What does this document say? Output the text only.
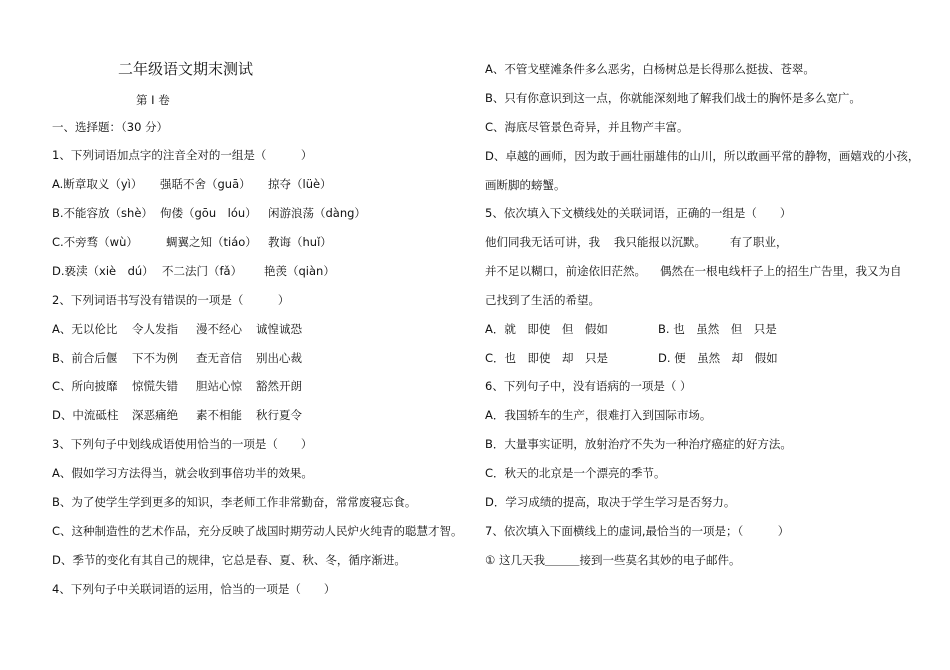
二年级语文期末测试
第 I 卷
一、选择题：（30 分）
1、下列词语加点字的注音全对的一组是（　　　）
A.断章取义（yì） 强聒不舍（guā） 掠夺（lüè）
B.不能容放（shè） 佝偻（gōu　lóu） 闲游浪荡（dàng）
C.不旁骛（wù） 蜩翼之知（tiáo） 教诲（huǐ）
D.亵渎（xiè　dú） 不二法门（fǎ） 艳羡（qiàn）
2、下列词语书写没有错误的一项是（　　　）
A、无以伦比 令人发指 漫不经心 诚惶诚恐
B、前合后偃 下不为例 查无音信 别出心裁
C、所向披靡 惊慌失错 胆站心惊 豁然开朗
D、中流砥柱 深恶痛绝 素不相能 秋行夏令
3、下列句子中划线成语使用恰当的一项是（　　）
A、假如学习方法得当，就会收到事倍功半的效果。
B、为了使学生学到更多的知识，李老师工作非常勤奋，常常废寝忘食。
C、这种制造性的艺术作品，充分反映了战国时期劳动人民炉火纯青的聪慧才智。
D、季节的变化有其自己的规律，它总是春、夏、秋、冬，循序渐进。
4、下列句子中关联词语的运用，恰当的一项是（　　）
A、不管戈壁滩条件多么恶劣，白杨树总是长得那么挺拔、苍翠。
B、只有你意识到这一点，你就能深刻地了解我们战士的胸怀是多么宽广。
C、海底尽管景色奇异，并且物产丰富。
D、卓越的画师，因为敢于画壮丽雄伟的山川，所以敢画平常的静物，画嬉戏的小孩，
画断脚的螃蟹。
5、依次填入下文横线处的关联词语，正确的一组是（　　）
他们同我无话可讲，我 我只能报以沉默。 有了职业，
并不足以糊口，前途依旧茫然。 偶然在一根电线杆子上的招生广告里，我又为自
己找到了生活的希望。
A．就　即使　但　假如	B. 也　虽然　但　只是
C．也　即使　却　只是	D. 便　虽然　却　假如
6、下列句子中，没有语病的一项是（ ）
A．我国轿车的生产，很难打入到国际市场。
B．大量事实证明，放射治疗不失为一种治疗癌症的好方法。
C．秋天的北京是一个漂亮的季节。
D．学习成绩的提高，取决于学生学习是否努力。
7、依次填入下面横线上的虚词,最恰当的一项是；（　　　）
① 这几天我＿＿＿接到一些莫名其妙的电子邮件。
